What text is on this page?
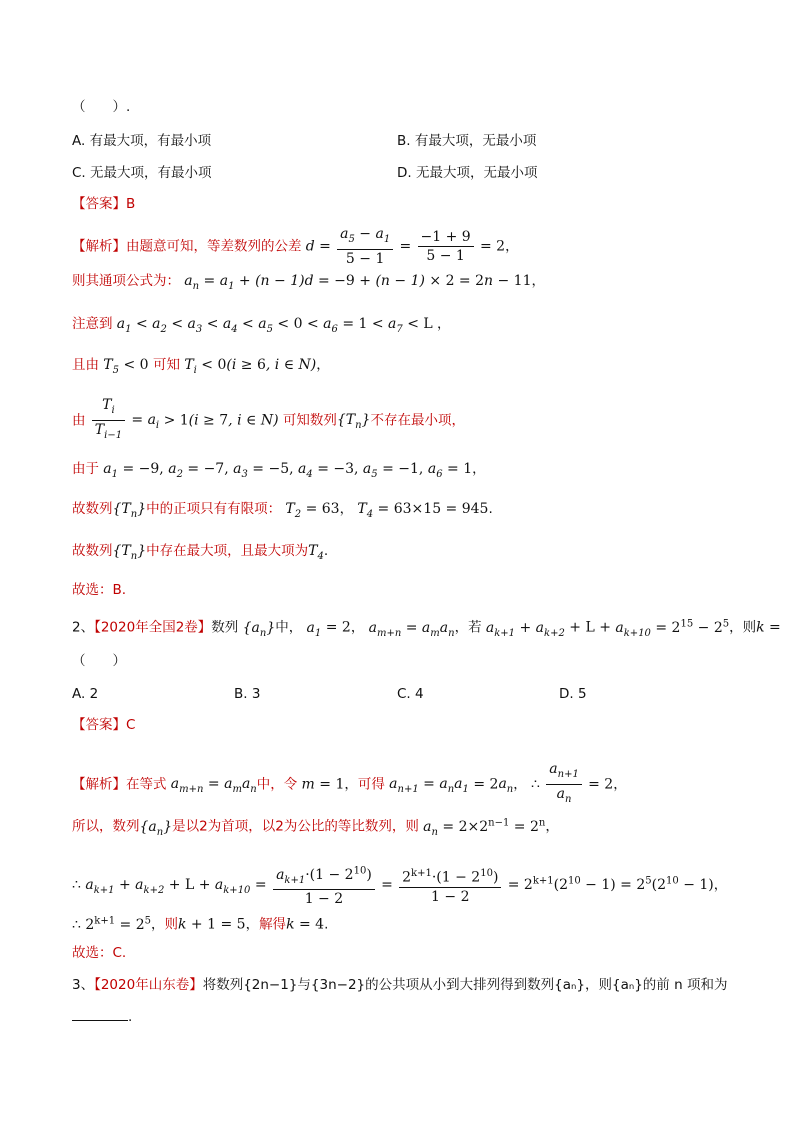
（　　）.
A. 有最大项，有最小项	B. 有最大项，无最小项
C. 无最大项，有最小项	D. 无最大项，无最小项
【答案】B
【解析】由题意可知，等差数列的公差 $d = \frac{a_5 - a_1}{5 - 1} = \frac{-1 + 9}{5 - 1} = 2$，
则其通项公式为： $a_n = a_1 + (n - 1)d = -9 + (n - 1) \times 2 = 2n - 11$，
注意到 $a_1 < a_2 < a_3 < a_4 < a_5 < 0 < a_6 = 1 < a_7 < L$ ，
且由 $T_5 < 0$ 可知 $T_i < 0(i \ge 6$, i ∈ N)，
由 $\frac{T_i}{T_{i-1}} = a_i > 1(i \ge 7$, i ∈ N) 可知数列$\{T_n\}$不存在最小项，
由于 $a_1 = -9$, $a_2 = -7$, $a_3 = -5$, $a_4 = -3$, $a_5 = -1$, $a_6 = 1$，
故数列$\{T_n\}$中的正项只有有限项： $T_2 = 63$， $T_4 = 63\times 15 = 945$.
故数列$\{T_n\}$中存在最大项，且最大项为$T_4$.
故选：B.
2、【2020年全国2卷】数列 $\{a_n\}$中， $a_1 = 2$， $a_{m+n} = a_ma_n$，若 $a_{k+1} + a_{k+2} + L + a_{k+10} = 2^{15} - 2^5$，则k =
（　　）
A. 2	B. 3	C. 4	D. 5
【答案】C
【解析】在等式 $a_{m+n} = a_ma_n$中，令 m = 1，可得 $a_{n+1} = a_na_1 = 2a_n$， ∴ $\frac{a_{n+1}}{a_n} = 2$，
所以，数列$\{a_n\}$是以2为首项，以2为公比的等比数列，则 $a_n = 2\times 2^{n-1} = 2^n$，
∴ $a_{k+1} + a_{k+2} + L + a_{k+10} = \frac{a_{k+1}\cdot(1 - 2^{10})}{1 - 2} = \frac{2^{k+1}\cdot(1 - 2^{10})}{1 - 2} = 2^{k+1}(2^{10} - 1) = 2^5(2^{10} - 1)$，
∴ $2^{k+1} = 2^5$，则k + 1 = 5，解得k = 4.
故选：C.
3、【2020年山东卷】将数列{2n−1}与{3n−2}的公共项从小到大排列得到数列{aₙ}，则{aₙ}的前 n 项和为
.
